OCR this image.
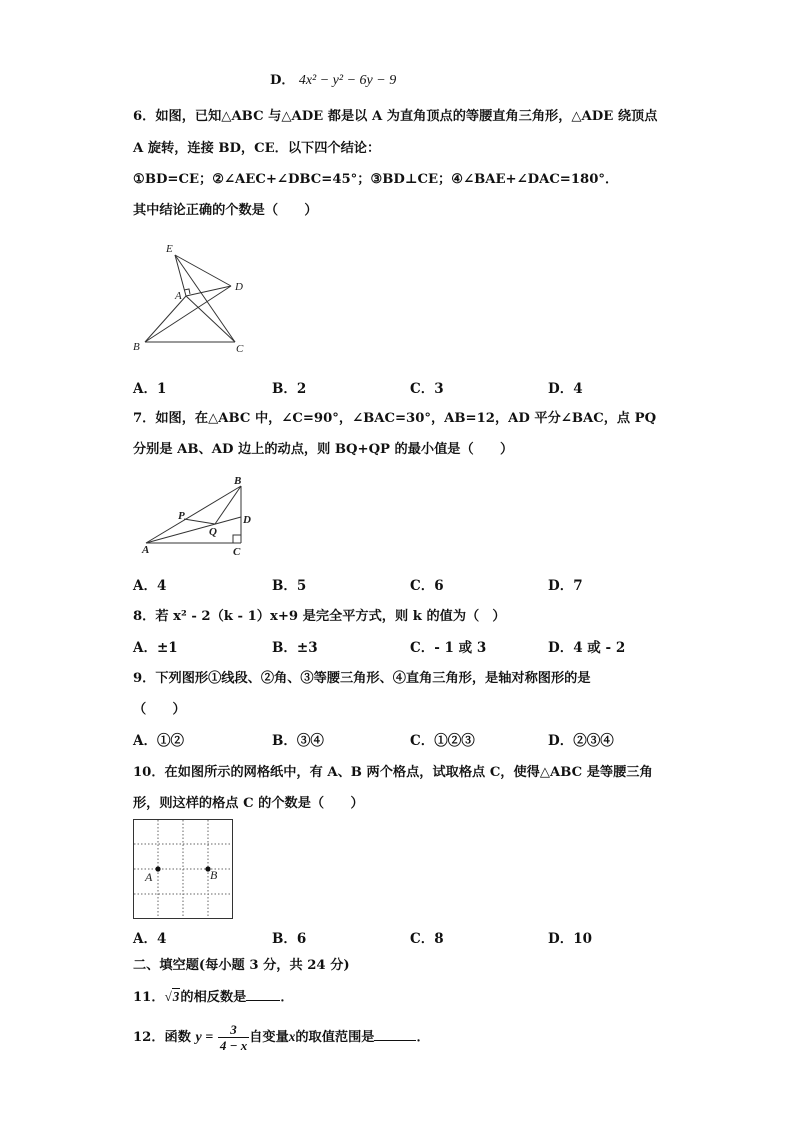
D． 4x² − y² − 6y − 9
6．如图，已知△ABC 与△ADE 都是以 A 为直角顶点的等腰直角三角形，△ADE 绕顶点
A 旋转，连接 BD，CE．以下四个结论：
①BD=CE；②∠AEC+∠DBC=45°；③BD⊥CE；④∠BAE+∠DAC=180°．
其中结论正确的个数是（　　）
E
A
D
B	C
A．1	B．2	C．3	D．4
7．如图，在△ABC 中，∠C=90°，∠BAC=30°，AB=12，AD 平分∠BAC，点 PQ
分别是 AB、AD 边上的动点，则 BQ+QP 的最小值是（　　）
B
P	D
Q
A	C
A．4	B．5	C．6	D．7
8．若 x² - 2（k - 1）x+9 是完全平方式，则 k 的值为（　）
A．±1	B．±3	C．- 1 或 3	D．4 或 - 2
9．下列图形①线段、②角、③等腰三角形、④直角三角形，是轴对称图形的是
（　　）
A．①②	B．③④	C．①②③	D．②③④
10．在如图所示的网格纸中，有 A、B 两个格点，试取格点 C，使得△ABC 是等腰三角
形，则这样的格点 C 的个数是（　　）
A	B
A．4	B．6	C．8	D．10
二、填空题(每小题 3 分，共 24 分)
11．√3的相反数是	．
12．函数 $y = \frac{3}{4 - x}$ 自变量x的取值范围是	．
